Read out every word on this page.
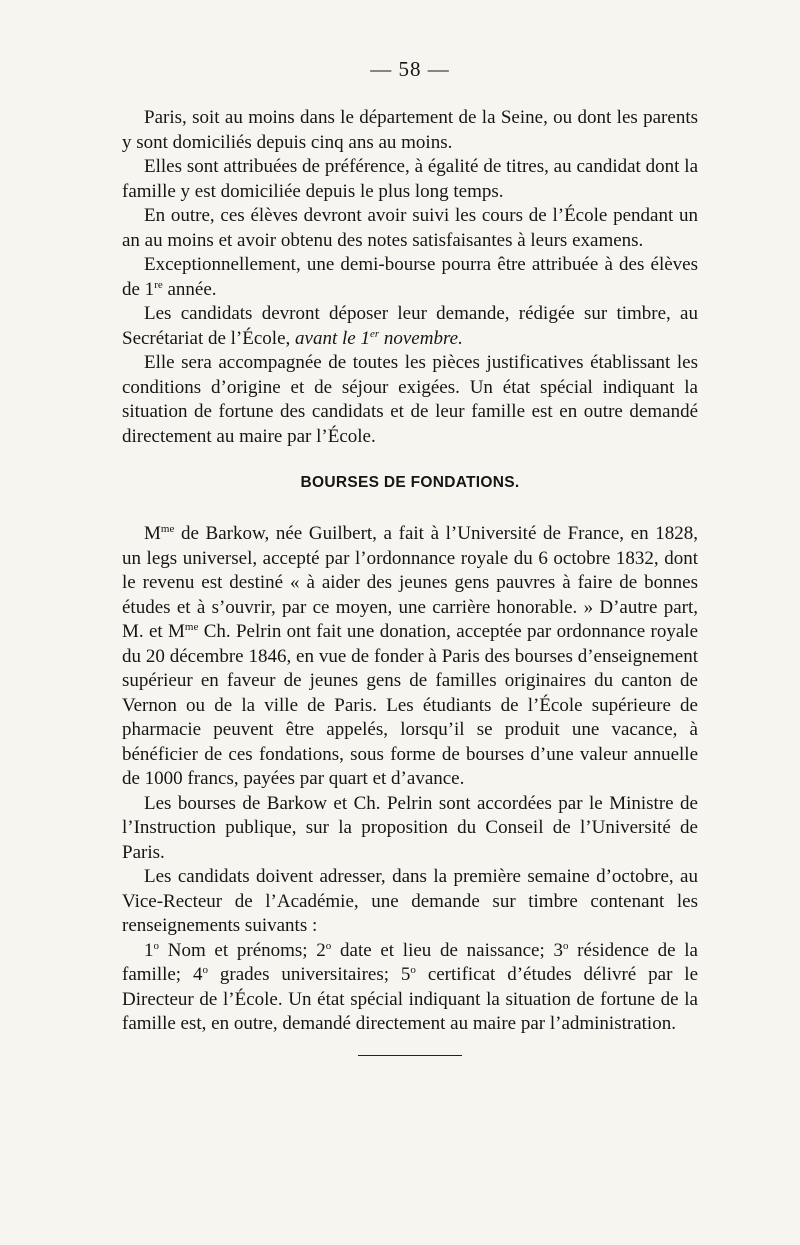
— 58 —

Paris, soit au moins dans le département de la Seine, ou dont les parents y sont domiciliés depuis cinq ans au moins.

Elles sont attribuées de préférence, à égalité de titres, au candidat dont la famille y est domiciliée depuis le plus long temps.

En outre, ces élèves devront avoir suivi les cours de l’École pendant un an au moins et avoir obtenu des notes satisfaisantes à leurs examens.

Exceptionnellement, une demi-bourse pourra être attribuée à des élèves de 1re année.

Les candidats devront déposer leur demande, rédigée sur timbre, au Secrétariat de l’École, avant le 1er novembre.

Elle sera accompagnée de toutes les pièces justificatives établissant les conditions d’origine et de séjour exigées. Un état spécial indiquant la situation de fortune des candidats et de leur famille est en outre demandé directement au maire par l’École.

BOURSES DE FONDATIONS.

$M^{me}$ de Barkow, née Guilbert, a fait à l’Université de France, en 1828, un legs universel, accepté par l’ordonnance royale du 6 octobre 1832, dont le revenu est destiné « à aider des jeunes gens pauvres à faire de bonnes études et à s’ouvrir, par ce moyen, une carrière honorable. » D’autre part, M. et $M^{me}$ Ch. Pelrin ont fait une donation, acceptée par ordonnance royale du 20 décembre 1846, en vue de fonder à Paris des bourses d’enseignement supérieur en faveur de jeunes gens de familles originaires du canton de Vernon ou de la ville de Paris. Les étudiants de l’École supérieure de pharmacie peuvent être appelés, lorsqu’il se produit une vacance, à bénéficier de ces fondations, sous forme de bourses d’une valeur annuelle de 1000 francs, payées par quart et d’avance.

Les bourses de Barkow et Ch. Pelrin sont accordées par le Ministre de l’Instruction publique, sur la proposition du Conseil de l’Université de Paris.

Les candidats doivent adresser, dans la première semaine d’octobre, au Vice-Recteur de l’Académie, une demande sur timbre contenant les renseignements suivants :

1$^o$ Nom et prénoms; 2$^o$ date et lieu de naissance; 3$^o$ résidence de la famille; 4$^o$ grades universitaires; 5$^o$ certificat d’études délivré par le Directeur de l’École. Un état spécial indiquant la situation de fortune de la famille est, en outre, demandé directement au maire par l’administration.
